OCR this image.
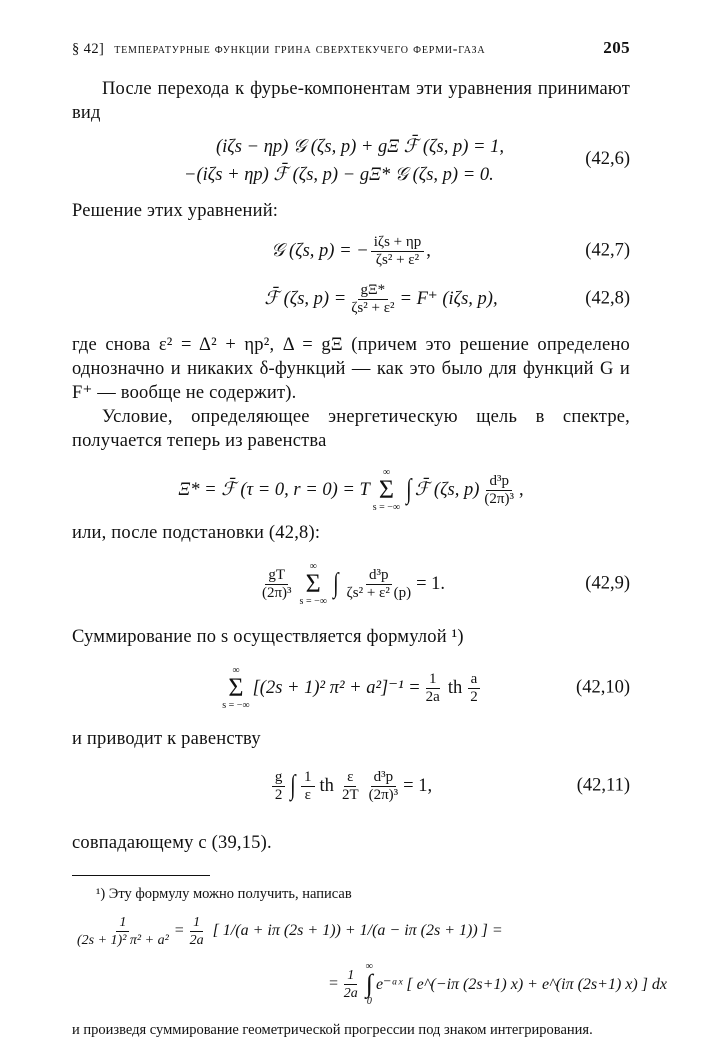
§ 42] температурные функции грина сверхтекучего ферми-газа	205

После перехода к фурье-компонентам эти уравнения принимают вид

(iζs − ηp) 𝒢 (ζs, p) + gΞ ℱ̄ (ζs, p) = 1,
−(iζs + ηp) ℱ̄ (ζs, p) − gΞ* 𝒢 (ζs, p) = 0.
(42,6)

Решение этих уравнений:

𝒢 (ζs, p) = − $\frac{\text{iζs + ηp}}{\text{ζs² + ε²}}$ ,	(42,7)
ℱ̄ (ζs, $p) = \frac{g\Xi*}{\text{ζs² + ε²}} = F^+$ (iζs, p),	(42,8)

где снова ε² = Δ² + ηp², Δ = gΞ (причем это решение определено однозначно и никаких δ-функций — как это было для функций G и F⁺ — вообще не содержит).

Условие, определяющее энергетическую щель в спектре, получается теперь из равенства

Ξ* = ℱ̄ (τ = 0, r = 0) = T
∞
Σ
s = −∞
∫ ℱ̄ (ζs, $p) \frac{\text{d³p}}{\text{(2π)³}}$ ,

или, после подстановки (42,8):

$\frac{gT}{\text{(2π)³}}$ ∞
Σ
s = −∞
∫ $\frac{\text{d³p}}{\text{ζs² + ε² (p)}} = 1$.	(42,9)

Суммирование по s осуществляется формулой ¹)

∞
Σ
s = −∞
[(2s + 1)² $\pi^2 + a^2]^{-1} = \frac{1}{2a}$ th $\frac{a}{2}$	(42,10)

и приводит к равенству

$\frac{g}{2}$ ∫ $\frac{1}{\varepsilon}$ th $\frac{\varepsilon}{2T} \frac{\text{d³p}}{\text{(2π)³}} = 1$,	(42,11)

совпадающему с (39,15).

¹) Эту формулу можно получить, написав
$\frac{1}{\text{(2s + 1)² π² + a²}} = \frac{1}{2a}$ [ 1/(a + iπ (2s + 1)) + 1/(a − iπ (2s + 1)) ] =
= $\frac{1}{2a}$ ∞
∫
0
e⁻ᵃˣ [ e^(−iπ (2s+1) x) + e^(iπ (2s+1) x) ] dx
и произведя суммирование геометрической прогрессии под знаком интегрирования.
